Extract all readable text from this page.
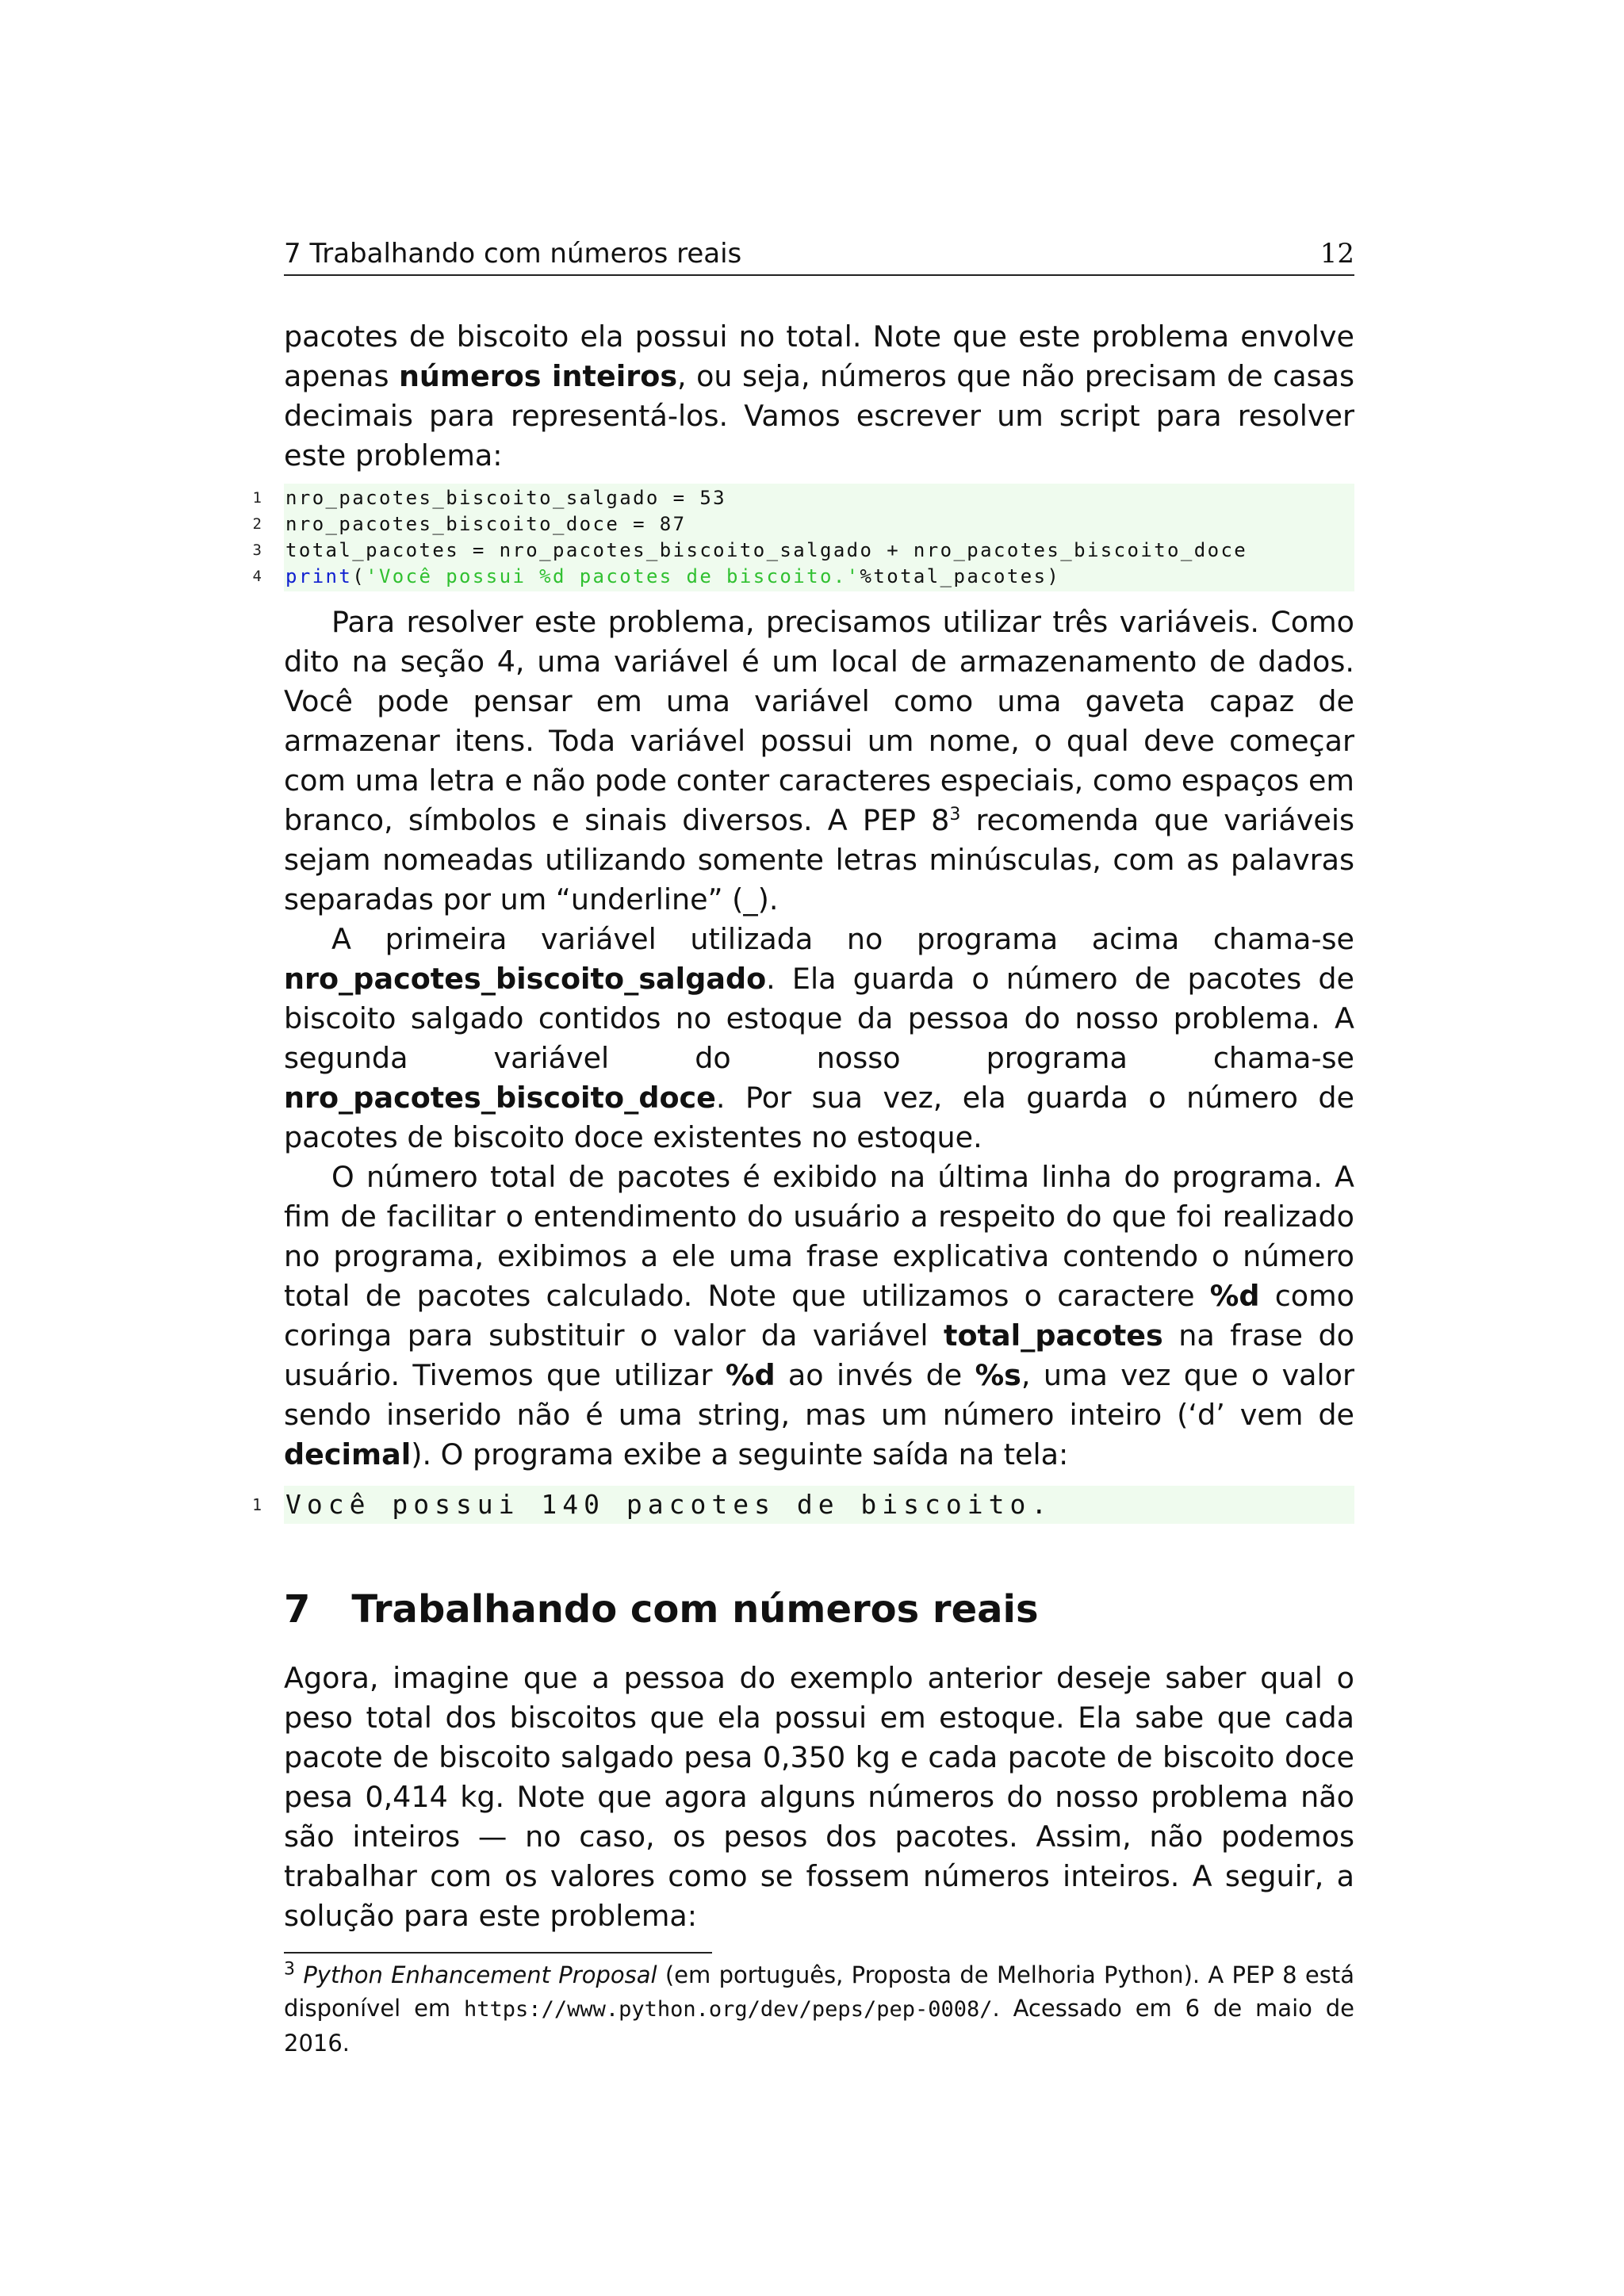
7 Trabalhando com números reais	12

pacotes de biscoito ela possui no total. Note que este problema envolve apenas números inteiros, ou seja, números que não precisam de casas decimais para representá-los. Vamos escrever um script para resolver este problema:

1 nro_pacotes_biscoito_salgado = 53
2 nro_pacotes_biscoito_doce = 87
3 total_pacotes = nro_pacotes_biscoito_salgado + nro_pacotes_biscoito_doce
4 print('Você possui %d pacotes de biscoito.'%total_pacotes)

Para resolver este problema, precisamos utilizar três variáveis. Como dito na seção 4, uma variável é um local de armazenamento de dados. Você pode pensar em uma variável como uma gaveta capaz de armazenar itens. Toda variável possui um nome, o qual deve começar com uma letra e não pode conter caracteres especiais, como espaços em branco, símbolos e sinais diversos. A PEP $8^3$ recomenda que variáveis sejam nomeadas utilizando somente letras minúsculas, com as palavras separadas por um “underline” (_).

A primeira variável utilizada no programa acima chama-se nro_pacotes_biscoito_salgado. Ela guarda o número de pacotes de biscoito salgado contidos no estoque da pessoa do nosso problema. A segunda variável do nosso programa chama-se nro_pacotes_biscoito_doce. Por sua vez, ela guarda o número de pacotes de biscoito doce existentes no estoque.

O número total de pacotes é exibido na última linha do programa. A fim de facilitar o entendimento do usuário a respeito do que foi realizado no programa, exibimos a ele uma frase explicativa contendo o número total de pacotes calculado. Note que utilizamos o caractere %d como coringa para substituir o valor da variável total_pacotes na frase do usuário. Tivemos que utilizar %d ao invés de %s, uma vez que o valor sendo inserido não é uma string, mas um número inteiro (‘d’ vem de decimal). O programa exibe a seguinte saída na tela:

1 Você possui 140 pacotes de biscoito.
7 Trabalhando com números reais

Agora, imagine que a pessoa do exemplo anterior deseje saber qual o peso total dos biscoitos que ela possui em estoque. Ela sabe que cada pacote de biscoito salgado pesa 0,350 kg e cada pacote de biscoito doce pesa 0,414 kg. Note que agora alguns números do nosso problema não são inteiros — no caso, os pesos dos pacotes. Assim, não podemos trabalhar com os valores como se fossem números inteiros. A seguir, a solução para este problema:

$^3$ Python Enhancement Proposal (em português, Proposta de Melhoria Python). A PEP 8 está disponível em https://www.python.org/dev/peps/pep-0008/. Acessado em 6 de maio de 2016.
